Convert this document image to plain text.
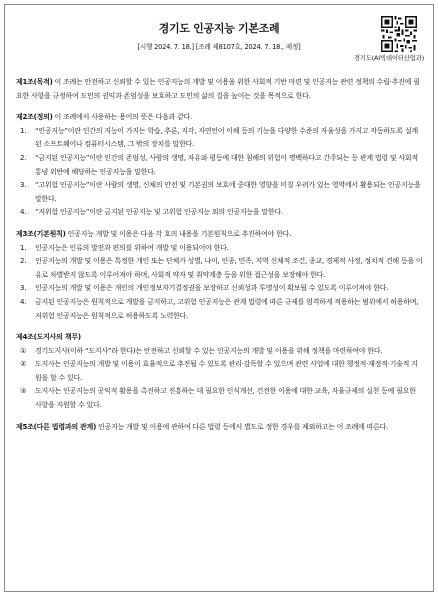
경기도 인공지능 기본조례
[시행 2024. 7. 18.] [조례 제8107호, 2024. 7. 18., 제정]
경기도(AI빅데이터산업과)

제1조(목적) 이 조례는 안전하고 신뢰할 수 있는 인공지능의 개발 및 이용을 위한 사회적 기반 마련 및 인공지능 관련 정책의 수립·추진에 필요한 사항을 규정하여 도민의 권익과 존엄성을 보호하고 도민의 삶의 질을 높이는 것을 목적으로 한다.

제2조(정의) 이 조례에서 사용하는 용어의 뜻은 다음과 같다.

1.	“인공지능”이란 인간의 지능이 가지는 학습, 추론, 지각, 자연언어 이해 등의 기능을 다양한 수준의 자율성을 가지고 작동하도록 설계된 소프트웨어나 컴퓨터시스템, 그 밖의 장치를 말한다.
2.	“금지된 인공지능”이란 인간의 존엄성, 사람의 생명, 자유와 평등에 대한 침해의 위험이 명백하다고 간주되는 등 관계 법령 및 사회적 통념 위반에 해당하는 인공지능을 말한다.
3.	“고위험 인공지능”이란 사람의 생명, 신체의 안전 및 기본권의 보호에 중대한 영향을 미칠 우려가 있는 영역에서 활용되는 인공지능을 말한다.
4.	“저위험 인공지능”이란 금지된 인공지능 및 고위험 인공지능 외의 인공지능을 말한다.

제3조(기본원칙) 인공지능 개발 및 이용은 다음 각 호의 내용을 기본원칙으로 추진하여야 한다.

1.	인공지능은 인류의 발전과 편의를 위하여 개발 및 이용되어야 한다.
2.	인공지능의 개발 및 이용은 특정한 개인 또는 단체가 성별, 나이, 인종, 민족, 지역 신체적 조건, 종교, 경제적 사정, 정치적 견해 등을 이유로 차별받지 않도록 이루어져야 하며, 사회적 약자 및 취약계층 등을 위한 접근성을 보장해야 한다.
3.	인공지능의 개발 및 이용은 개인의 개인정보자기결정권을 보장하고 신뢰성과 투명성이 확보될 수 있도록 이루어져야 한다.
4.	금지된 인공지능은 원칙적으로 개발을 금지하고, 고위험 인공지능은 관계 법령에 따른 규제를 엄격하게 적용하는 범위에서 허용하며, 저위험 인공지능은 원칙적으로 허용하도록 노력한다.

제4조(도지사의 책무)

①	경기도지사(이하 “도지사”라 한다)는 안전하고 신뢰할 수 있는 인공지능의 개발 및 이용을 위해 정책을 마련하여야 한다.
②	도지사는 인공지능의 개발 및 이용이 효율적으로 추진될 수 있도록 관리·감독할 수 있으며 관련 사업에 대한 행정적·재정적·기술적 지원을 할 수 있다.
③	도지사는 인공지능의 공익적 활용을 촉진하고 진흥하는 데 필요한 인식개선, 건전한 이용에 대한 교육, 자율규제의 실천 등에 필요한 사항을 지원할 수 있다.

제5조(다른 법령과의 관계) 인공지능 개발 및 이용에 관하여 다른 법령 등에서 별도로 정한 경우를 제외하고는 이 조례에 따른다.
